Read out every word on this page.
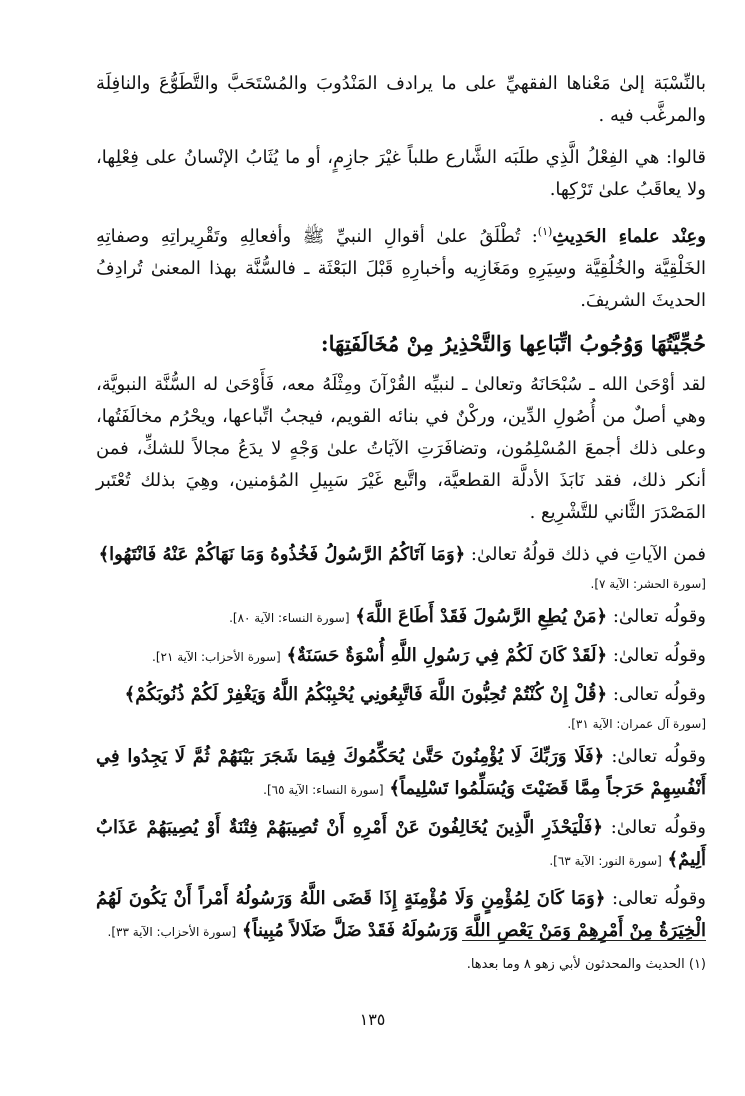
بالنِّسْبَة إلىٰ مَعْناها الفقهيِّ على ما يرادف المَنْدُوبَ والمُسْتَحَبَّ والتَّطَوُّعَ والنافِلَة والمرغَّب فيه .

قالوا: هي الفِعْلُ الَّذِي طلَبَه الشَّارع طلباً غيْرَ جازِمٍ، أو ما يُثَابُ الإنْسانُ على فِعْلِها، ولا يعاقَبُ علىٰ تَرْكِها.

وعِنْد علماءِ الحَدِيثِ$^{(١)}$: تُطْلَقُ علىٰ أقوالِ النبيِّ ﷺ وأفعالِهِ وتَقْرِيراتِهِ وصفاتِهِ الخَلْقِيَّة والخُلُقِيَّة وسِيَرِهِ ومَغَازِيه وأخبارِهِ قَبْلَ البَعْثَة ـ فالسُّنَّة بهذا المعنىٰ تُرادِفُ الحديثَ الشريفَ.

حُجِّيَّتُهَا وَوُجُوبُ اتِّبَاعِها وَالتَّحْذِيرُ مِنْ مُخَالَفَتِهَا:

لقد أوْحَىٰ الله ـ سُبْحَانَهُ وتعالىٰ ـ لنبيِّه القُرْآنَ ومِثْلَهُ معه، فَأَوْحَىٰ له السُّنَّة النبويَّة، وهي أصلٌ من أُصُولِ الدِّين، وركْنٌ في بنائه القويم، فيجبُ اتِّباعها، ويحْرُم مخالَفَتُها، وعلى ذلك أجمعَ المُسْلِمُون، وتضافَرَتِ الآيَاتُ علىٰ وَجْهٍ لا يدَعُ مجالاً للشكِّ، فمن أنكر ذلك، فقد نَابَذَ الأدلَّة القطعيَّة، واتَّبع غَيْرَ سَبِيلِ المُؤمنين، وهِيَ بذلك تُعْتَبر المَصْدَرَ الثَّاني للتَّشْرِيع .

فمن الآياتِ في ذلك قولُهُ تعالىٰ: ﴿وَمَا آتَاكُمُ الرَّسُولُ فَخُذُوهُ وَمَا نَهَاكُمْ عَنْهُ فَانْتَهُوا﴾

[سورة الحشر: الآية ٧].

وقولُه تعالىٰ: ﴿مَنْ يُطِعِ الرَّسُولَ فَقَدْ أَطَاعَ اللَّهَ﴾ [سورة النساء: الآية ٨٠].

وقولُه تعالىٰ: ﴿لَقَدْ كَانَ لَكُمْ فِي رَسُولِ اللَّهِ أُسْوَةٌ حَسَنَةٌ﴾ [سورة الأحزاب: الآية ٢١].

وقولُه تعالى: ﴿قُلْ إِنْ كُنْتُمْ تُحِبُّونَ اللَّهَ فَاتَّبِعُونِي يُحْبِبْكُمُ اللَّهُ وَيَغْفِرْ لَكُمْ ذُنُوبَكُمْ﴾

[سورة آل عمران: الآية ٣١].

وقولُه تعالىٰ: ﴿فَلَا وَرَبِّكَ لَا يُؤْمِنُونَ حَتَّىٰ يُحَكِّمُوكَ فِيمَا شَجَرَ بَيْنَهُمْ ثُمَّ لَا يَجِدُوا فِي أَنْفُسِهِمْ حَرَجاً مِمَّا قَضَيْتَ وَيُسَلِّمُوا تَسْلِيماً﴾ [سورة النساء: الآية ٦٥].

وقولُه تعالىٰ: ﴿فَلْيَحْذَرِ الَّذِينَ يُخَالِفُونَ عَنْ أَمْرِهِ أَنْ تُصِيبَهُمْ فِتْنَةٌ أَوْ يُصِيبَهُمْ عَذَابٌ أَلِيمٌ﴾ [سورة النور: الآية ٦٣].

وقولُه تعالى: ﴿وَمَا كَانَ لِمُؤْمِنٍ وَلَا مُؤْمِنَةٍ إِذَا قَضَى اللَّهُ وَرَسُولُهُ أَمْراً أَنْ يَكُونَ لَهُمُ الْخِيَرَةُ مِنْ أَمْرِهِمْ وَمَنْ يَعْصِ اللَّهَ وَرَسُولَهُ فَقَدْ ضَلَّ ضَلَالاً مُبِيناً﴾ [سورة الأحزاب: الآية ٣٣].

(١) الحديث والمحدثون لأبي زهو ٨ وما بعدها.
١٣٥
